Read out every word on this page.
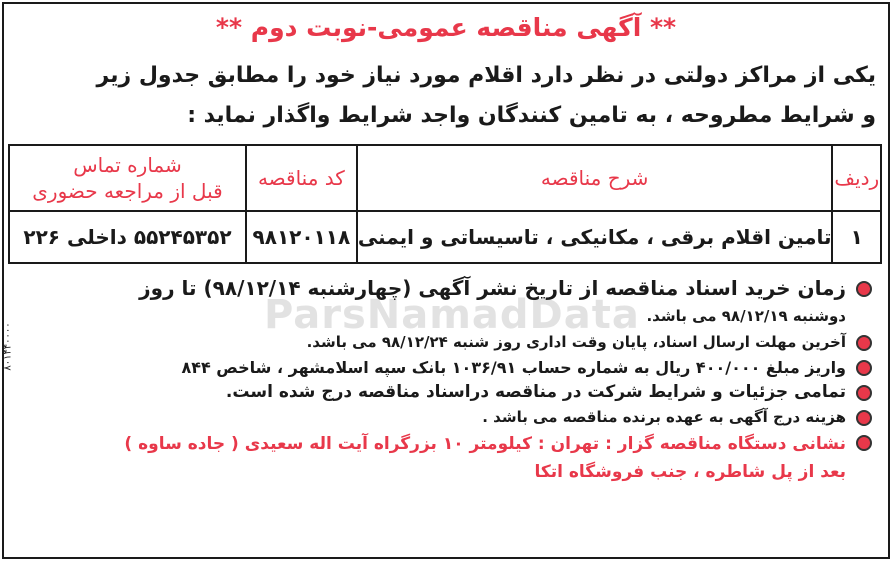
** آگهی مناقصه عمومی-نوبت دوم **
یکی از مراکز دولتی در نظر دارد اقلام مورد نیاز خود را مطابق جدول زیر
و شرایط مطروحه ، به تامین کنندگان واجد شرایط واگذار نماید :
ردیف	شرح مناقصه	کد مناقصه	شماره تماس
قبل از مراجعه حضوری

۱	تامین اقلام برقی ، مکانیکی ، تاسیساتی و ایمنی	۹۸۱۲۰۱۱۸	۵۵۲۴۵۳۵۲ داخلی ۲۲۶
ParsNamadData
۸۰۱۴۴۰۰۰۰
زمان خرید اسناد مناقصه از تاریخ نشر آگهی (چهارشنبه ۹۸/۱۲/۱۴) تا روز
دوشنبه ۹۸/۱۲/۱۹ می باشد.
آخرین مهلت ارسال اسناد، پایان وقت اداری روز شنبه ۹۸/۱۲/۲۴ می باشد.
واریز مبلغ ۴۰۰/۰۰۰ ریال به شماره حساب ۱۰۳۶/۹۱ بانک سپه اسلامشهر ، شاخص ۸۴۴
تمامی جزئیات و شرایط شرکت در مناقصه دراسناد مناقصه درج شده است.
هزینه درج آگهی به عهده برنده مناقصه می باشد .
نشانی دستگاه مناقصه گزار : تهران : کیلومتر ۱۰ بزرگراه آیت اله سعیدی ( جاده ساوه )
بعد از پل شاطره ، جنب فروشگاه اتکا
